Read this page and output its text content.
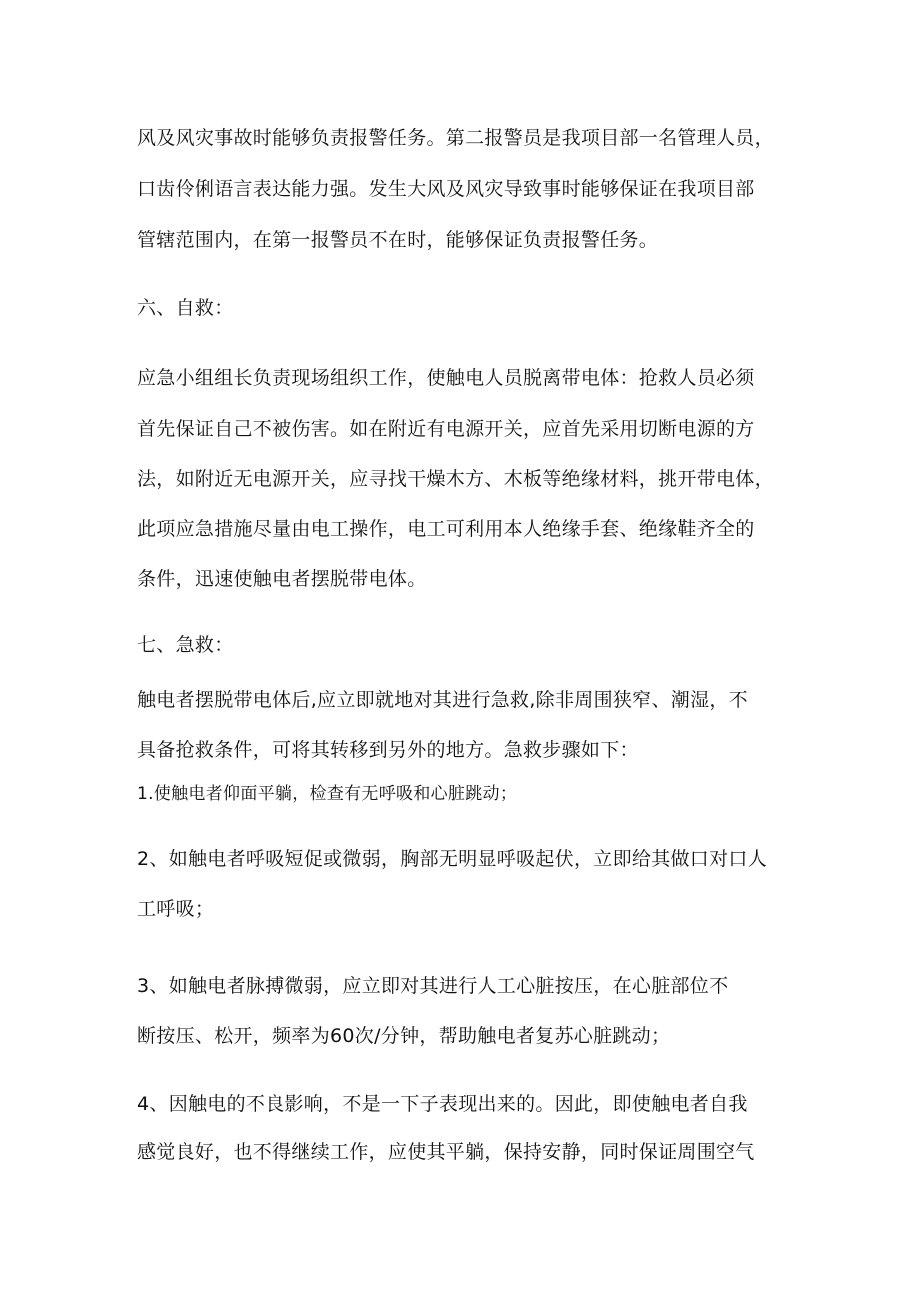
风及风灾事故时能够负责报警任务。第二报警员是我项目部一名管理人员，
口齿伶俐语言表达能力强。发生大风及风灾导致事时能够保证在我项目部
管辖范围内，在第一报警员不在时，能够保证负责报警任务。
六、自救：
应急小组组长负责现场组织工作，使触电人员脱离带电体：抢救人员必须
首先保证自己不被伤害。如在附近有电源开关，应首先采用切断电源的方
法，如附近无电源开关，应寻找干燥木方、木板等绝缘材料，挑开带电体，
此项应急措施尽量由电工操作，电工可利用本人绝缘手套、绝缘鞋齐全的
条件，迅速使触电者摆脱带电体。
七、急救：
触电者摆脱带电体后,应立即就地对其进行急救,除非周围狭窄、潮湿，不
具备抢救条件，可将其转移到另外的地方。急救步骤如下：
1.使触电者仰面平躺，检查有无呼吸和心脏跳动；
2、如触电者呼吸短促或微弱，胸部无明显呼吸起伏，立即给其做口对口人
工呼吸；
3、如触电者脉搏微弱，应立即对其进行人工心脏按压，在心脏部位不
断按压、松开，频率为60次/分钟，帮助触电者复苏心脏跳动；
4、因触电的不良影响，不是一下子表现出来的。因此，即使触电者自我
感觉良好，也不得继续工作，应使其平躺，保持安静，同时保证周围空气
